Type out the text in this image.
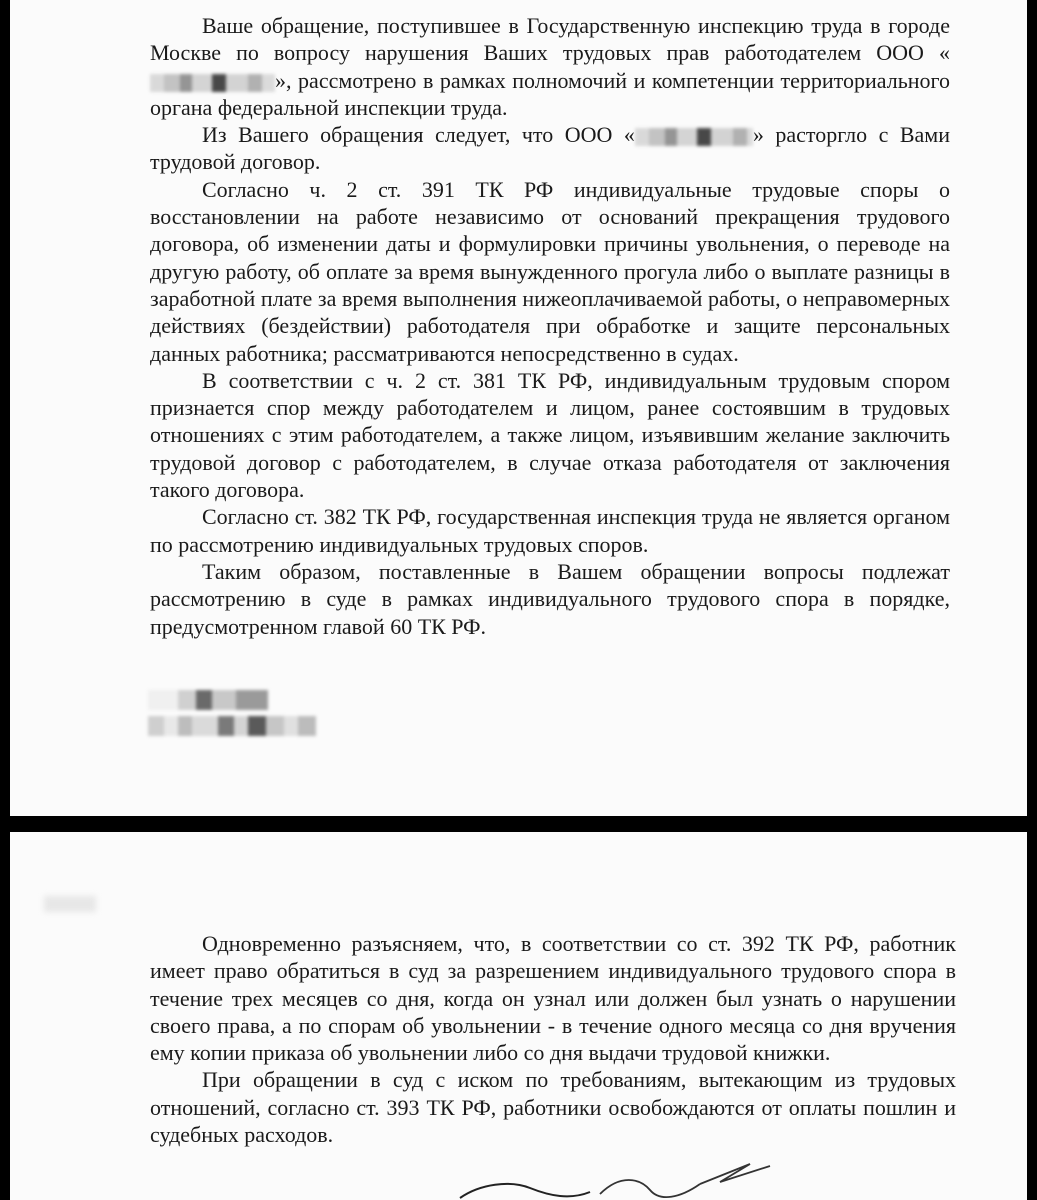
Ваше обращение, поступившее в Государственную инспекцию труда в городе Москве по вопросу нарушения Ваших трудовых прав работодателем ООО «», рассмотрено в рамках полномочий и компетенции территориального органа федеральной инспекции труда.

Из Вашего обращения следует, что ООО «	» расторгло с Вами трудовой договор.

Согласно ч. 2 ст. 391 ТК РФ индивидуальные трудовые споры о восстановлении на работе независимо от оснований прекращения трудового договора, об изменении даты и формулировки причины увольнения, о переводе на другую работу, об оплате за время вынужденного прогула либо о выплате разницы в заработной плате за время выполнения нижеоплачиваемой работы, о неправомерных действиях (бездействии) работодателя при обработке и защите персональных данных работника; рассматриваются непосредственно в судах.

В соответствии с ч. 2 ст. 381 ТК РФ, индивидуальным трудовым спором признается спор между работодателем и лицом, ранее состоявшим в трудовых отношениях с этим работодателем, а также лицом, изъявившим желание заключить трудовой договор с работодателем, в случае отказа работодателя от заключения такого договора.

Согласно ст. 382 ТК РФ, государственная инспекция труда не является органом по рассмотрению индивидуальных трудовых споров.

Таким образом, поставленные в Вашем обращении вопросы подлежат рассмотрению в суде в рамках индивидуального трудового спора в порядке, предусмотренном главой 60 ТК РФ.

Одновременно разъясняем, что, в соответствии со ст. 392 ТК РФ, работник имеет право обратиться в суд за разрешением индивидуального трудового спора в течение трех месяцев со дня, когда он узнал или должен был узнать о нарушении своего права, а по спорам об увольнении - в течение одного месяца со дня вручения ему копии приказа об увольнении либо со дня выдачи трудовой книжки.

При обращении в суд с иском по требованиям, вытекающим из трудовых отношений, согласно ст. 393 ТК РФ, работники освобождаются от оплаты пошлин и судебных расходов.
